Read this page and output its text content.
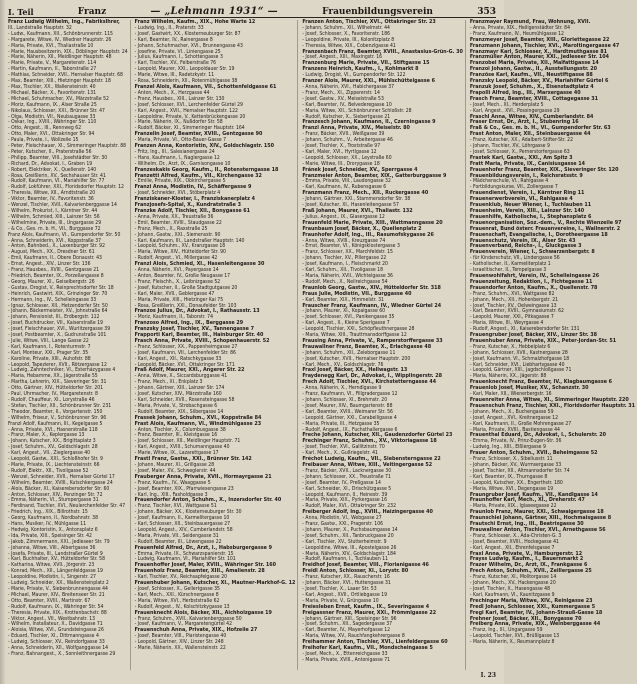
I. Teil	Franz	— „Lehmann 1931“ —	Frauenbildungsverein	353
Franz Ludwig Wilhelm, Ing., Fabrikslhrer,
III., Landstraße Hauptstr. 32
- Ludw., Kaufmann, XII., Schönbrunnerstr. 115
- Margarete, Witwe, IV., Wiedner Hauptstr. 26
- Maria, Private, XVI., Thaliastraße 10
- Marie, Hausbesitzerin, XIX., Döblinger Hauptstr. 24
- Marie, Näherin, XII., Meidlinger Hauptstr. 48
- Marie, Private, V., Margaretenstr. 114
- Martin, Kaufmann, II., Taborstraße 27
- Mathias, Schneider, XVII., Hernalser Hauptstr. 68
- Max, Beamter, XIII., Hietzinger Hauptstr. 18
- Max, Tischler, XX., Wallensteinstr. 40
- Michael, Bäcker, X., Favoritenstr. 131
- Michael, Schuhmacher, XV., Märzstraße 52
- Moriz, Kaufmann, IX., Alser Straße 25
- Nikolaus, Schlosser, XXI., Brünner Str. 47
- Olga, Modistin, VII., Neubaugasse 33
- Oskar, Ing., XVIII., Währinger Str. 110
- Otto, Angest., III., Rennweg 62
- Otto, Maler, XVI., Ottakringer Str. 94
- Paula, Private, I., Wollzeile 15
- Peter, Fleischhauer, XI., Simmeringer Hauptstr. 88
- Peter, Kutscher, II., Praterstraße 56
- Philipp, Beamter, VIII., Josefstädter Str. 30
- Richard, Dr., Advokat, I., Graben 19
- Robert, Elektriker, X., Quellenstr. 140
- Rosa, Greißlerin, XV., Sechshauser Str. 41
- Rudolf, Kaufmann, VI., Mariahilfer Str. 77
- Rudolf, Lokführer, XXI., Floridsdorfer Hauptstr. 12
- Theresia, Witwe, XII., Arndtstraße 20
- Viktor, Beamter, IV., Favoritenstr. 36
- Wenzel, Tischler, XVII., Kalvarienberggasse 14
- Wilhelm, Prokurist, I., Kärntner Str. 44
- Wilhelm, Schmied, XIII., Lainzer Str. 56
- Wilhelmine, Private, III., Ungargasse 29
- & Co., Ges. m. b. H., VII., Burggasse 72
Franz Alois, Kaufmann, VI., Gumpendorfer Str. 50
- Anna, Schneiderin, XVI., Koppstraße 37
- Anton, Bahnbed., X., Laxenburger Str. 92
- August, Mech., XX., Dresdner Str. 61
- Emil, Kaufmann, II., Obere Donaustr. 43
- Ernst, Angest., XIV., Linzer Str. 136
- Franz, Hausbes., XVIII., Gentzgasse 21
- Friedrich, Beamter, IX., Porzellangasse 8
- Georg, Maurer, XI., Geiselbergstr. 26
- Gustav, Drogist, V., Reinprechtsdorfer Str. 18
- Heinrich, Gastwirt, XIX., Grinzinger Str. 70
- Hermann, Ing., IV., Schelleingasse 33
- Ignaz, Schlosser, XII., Hetzendorfer Str. 50
- Johann, Bäckermeister, XV., Johnstraße 64
- Johann, Pensionist, III., Erdbergstr. 112
- Josef, Buchdrucker, VII., Kaiserstraße 19
- Josef, Fleischhauer, XVI., Wurlitzergasse 39
- Josef, Postbeamter, X., Gudrunstraße 101
- Julie, Witwe, VIII., Lange Gasse 22
- Karl, Kaufmann, I., Rotenturmstr. 7
- Karl, Monteur, XXI., Prager Str. 35
- Karoline, Private, XIII., Auhofstr. 88
- Leopold, Tapezierer, XVII., Rötzergasse 12
- Ludwig, Zahntechniker, VI., Esterházygasse 4
- Maria, Hebamme, XX., Jägerstraße 55
- Martha, Lehrerin, XIX., Sieveringer Str. 31
- Otto, Gärtner, XIV., Hütteldorfer Str. 201
- Paul, Uhrmacher, IV., Margaretenstr. 8
- Rudolf, Chauffeur, XI., Lorystraße 46
- Stefan, Tischler, XII., Schönbrunner Str. 231
- Theodor, Beamter, II., Vorgartenstr. 150
- Wilhelm, Friseur, V., Schönbrunner Str. 96
Franzl Adolf, Kaufmann, III., Kegelgasse 5
- Anna, Private, XVI., Hasnerstraße 118
- Franz, Maler, X., Keplergasse 13
- Johann, Kutscher, XX., Brigittaplatz 3
- Josef, Schuhm., XV., Goldschlagstr. 28
- Karl, Angest., VII., Zieglergasse 40
- Leopold, Gastw., XXI., Schloßhofer Str. 9
- Marie, Private, IX., Liechtensteinstr. 66
- Rudolf, Elektr., XII., Tivoligasse 52
- Wenzel, Schneider, XVII., Hernalser Gürtel 17
- Wilhelm, Beamter, XVIII., Kutschkergasse 24
- Alois, Bäcker, XI., Kaiserebersdorfer Str. 60
- Anton, Schlosser, XIV., Penzinger Str. 72
- Emma, Näherin, VI., Stumpergasse 31
- Ferdinand, Tischler, XVI., Neulerchenfelder Str. 47
- Friedrich, Ing., XIX., Billrothstr. 15
- Georg, Kaufmann, II., Nordbahnstr. 38
- Hans, Musiker, IV., Mühlgasse 11
- Hedwig, Kontoristin, X., Antonsplatz 6
- Ida, Private, XIII., Speisinger Str. 42
- Jakob, Zimmermann, XXI., Jedleseer Str. 79
- Johanna, Witwe, VIII., Albertgasse 36
- Josefa, Private, III., Landstraßer Gürtel 9
- Karl, Buchhalter, XV., Hütteldorfer Str. 58
- Katharina, Witwe, XVII., Jörgerstr. 23
- Konrad, Mech., XII., Längenfeldgasse 19
- Leopoldine, Modistin, I., Singerstr. 27
- Ludwig, Schneider, XX., Wallensteinplatz 2
- Marie, Private, V., Siebenbrunnengasse 44
- Michael, Maurer, XIV., Breitenseer Str. 21
- Otto, Beamter, XVIII., Martinstr. 67
- Rudolf, Kaufmann, IX., Währinger Str. 54
- Theresia, Private, XIX., Krottenbachstr. 88
- Viktor, Angest., VII., Westbahnstr. 13
- Wilhelm, Installateur, X., Davidgasse 71
- Aloisia, Witwe, XVI., Grundsteingasse 26
- Eduard, Tischler, XI., Dittmanngasse 4
- Ludwig, Schlosser, XV., Reindorfgasse 33
- Anna, Schneiderin, XII., Wolfganggasse 14
- Franz, Bahnangest., X., Sonnleithnergasse 29
Franz Wilhelm, Kaufm., XIX., Hohe Warte 12
- Ludwig, Ing., II., Praterstr. 33
- Josef, Gastwirt, XX., Klosterneuburger Str. 87
- Karl, Beamter, IV., Rainergasse 8
- Johann, Schuhmacher, XVI., Brunnengasse 43
- Josefine, Private, VI., Liniengasse 25
- Julius, Kaufmann, I., Schottengasse 3
- Karl, Tischler, XV., Felberstraße 76
- Leopold, Maurer, XXI., Leopoldauer Str. 19
- Marie, Witwe, III., Radetzkystr. 11
- Rosa, Schneiderin, XII., Rotenmühlgasse 38
Franzel Alois, Kaufmann, VII., Schottenfeldgasse 61
- Anton, Mech., X., Herzgasse 44
- Franz, Hausbes., XIII., Lainzer Str. 130
- Josef, Schlosser, XVI., Lerchenfelder Gürtel 29
- Karl, Angest., XVII., Hernalser Hauptstr. 122
- Leopoldine, Private, V., Kettenbrückengasse 20
- Marie, Näherin, IX., Nußdorfer Str. 58
- Rudolf, Bäcker, XI., Simmeringer Hauptstr. 164
Franzelin Josef, Beamter, XVIII., Gentzgasse 90
- Maria, Private, VI., Otto-Bauer-Gasse 7
Franzen Anna, Kontoristin, XIV., Goldschlagstr. 150
- Fritz, Ing., III., Salesianergasse 24
- Hans, Kaufmann, I., Naglergasse 12
- Wilhelm, Dr., Arzt, IX., Garnisongasse 10
Franzeskakis Georg, Kaufm., II., Rotensterngasse 18
Franzetti Alfred, Kaufm., VII., Kirchengasse 32
- Emilie, Private, XIX., Obkirchergasse 5
Franzi Anna, Modistin, IV., Schäffergasse 9
- Josef, Schneider, XVI., Stöberplatz 4
Franziskaner-Kloster, I., Franziskanerplatz 4
Franzjosefs-Spital, X., Kundratstraße 3
Franzke Adolf, Tischler, XII., Bonygasse 61
- Anna, Private, XX., Treustraße 36
- Emil, Beamter, XVIII., Staudgasse 22
- Franz, Mech., X., Raxstraße 25
- Johann, Gastw., XXI., Siemensstr. 90
- Karl, Kaufmann, III., Landstraßer Hauptstr. 140
- Leopold, Schuhm., XV., Kranzgasse 18
- Maria, Witwe, XIV., Hütteldorfer Str. 90
- Rudolf, Angest., VI., Millergasse 42
Franzl Alois, Schmied, XI., Hasenleitengasse 30
- Anna, Näherin, XVI., Payergasse 14
- Anton, Beamter, IV., Große Neugasse 17
- Franz, Fleischh., X., Leibnizgasse 52
- Josef, Kutscher, II., Große Stadtgutgasse 20
- Karl, Maler, XVII., Geblergasse 47
- Maria, Private, XIII., Hietzinger Kai 75
- Rosa, Greißlerin, XXI., Donaufelder Str. 103
Franzos Julius, Dr., Advokat, I., Rathausstr. 13
- Moriz, Kaufmann, II., Taborstr. 74
Franzoso Alfred, Ing., IX., Berggasse 29
Franzsky Josef, Tischler, XV., Tannengasse 7
Frapporti Karl, Beamter, III., Hainburger Str. 40
Frasch Anna, Private, XVIII., Schopenhauerstr. 52
- Franz, Schlosser, XX., Pappenheimgasse 27
- Josef, Kaufmann, VII., Lerchenfelder Str. 86
- Karl, Angest., XII., Ratschkygasse 33
- Leopold, Bäcker, XVI., Ottakringer Str. 171
Fraß Adolf, Maurer, XXI., Angerer Str. 22
- Anna, Witwe, X., Siccardsburggasse 41
- Franz, Mech., XI., Enkplatz 3
- Johann, Gärtner, XIII., Lainzer Str. 174
- Josef, Kutscher, XIV., Märzstraße 160
- Karl, Schneider, XVII., Rosensteingasse 58
- Maria, Private, V., Strobachgasse 6
- Rudolf, Beamter, XIX., Silbergasse 14
Frassek Johann, Schuhm., XVI., Koppstraße 84
Frast Alois, Kaufmann, VI., Windmühlgasse 23
- Anton, Tischler, X., Columbusgasse 38
- Franz, Beamter, III., Kleistgasse 16
- Josef, Schlosser, XII., Meidlinger Hauptstr. 71
- Karl, Angest., XVIII., Schumanngasse 40
- Marie, Witwe, IX., Lazarettgasse 17
Frastl Franz, Gastw., XXI., Brünner Str. 142
- Johann, Maurer, XI., Grillgasse 28
- Josef, Maler, XV., Schweglerstr. 44
Frauberger Anna, Private, XVII., Hormayrgasse 21
- Franz, Kaufm., IV., Waaggasse 5
- Josef, Beamter, XIX., Pfarrwiesengasse 23
- Karl, Ing., XIII., Fasholdgasse 3
Frauendorfer Anton, Schuhm., X., Inzersdorfer Str. 40
- Franz, Tischler, XVI., Wattgasse 51
- Johann, Bäcker, XX., Klosterneuburger Str. 30
- Josef, Kaufmann, II., Karmelitergasse 10
- Karl, Schlosser, XII., Steinbauergasse 27
- Leopold, Angest., XIV., Cumberlandstr. 58
- Maria, Private, VII., Seidengasse 31
- Rudolf, Beamter, III., Löwengasse 22
Frauenfeld Alfred, Dr., Arzt, I., Habsburgergasse 9
- Emma, Private, IX., Schwarzspanierstr. 15
- Ludwig, Kaufmann, VI., Mariahilfer Str. 101
Frauenhoffer Josef, Maler, XVIII., Währinger Str. 160
Frauenholz Franz, Beamter, XIII., Amalienstr. 28
- Karl, Tischler, XV., Reichsapfelgasse 20
Frauenhuber Johann, Kutscher, XI., Mautner-Markhof-G. 12
- Josef, Schlosser, X., Gellertgasse 35
- Karl, Mech., XXI., Kürschnergasse 8
- Maria, Witwe, XVI., Herbststraße 62
- Rudolf, Angest., IV., Kolschitzkygasse 13
Frauenknecht Alois, Bäcker, XII., Aichholzgasse 19
- Franz, Schuhm., XVII., Kalvarienberggasse 50
- Josef, Kaufmann, V., Margaretengürtel 42
Frauenschuh Anna, Private, XIX., Hofzeile 27
- Josef, Beamter, VIII., Piaristengasse 40
- Leopold, Gärtner, XIV., Linzer Str. 248
- Marie, Näherin, XX., Wallensteinstr. 22
Franzen Anton, Tischler, XVI., Ottakringer Str. 23
- Johann, Schuhm., XII., Wilhelmstr. 44
- Josef, Schlosser, X., Favoritenstr. 186
- Leopoldine, Private, III., Kolonitzplatz 8
- Theresia, Witwe, XIX., Cobenzlgasse 41
Franzenbach Franz, Beamter, XVIII., Anastasius-Grün-G. 30
- Josef, Angest., XIII., Maxingstr. 16
Franzenburg Marie, Private, VII., Stiftgasse 15
Franzens Heinrich, Kaufm., I., Kohlmarkt 8
- Ludwig, Drogist, VI., Gumpendorfer Str. 122
Franzer Alois, Maurer, XXI., Mühlschüttelgasse 6
- Anna, Näherin, XVI., Habichergasse 37
- Franz, Mech., XI., Zippererstr. 14
- Josef, Gastw., XV., Meiselstraße 53
- Karl, Beamter, IV., Belvederegasse 10
- Maria, Witwe, XII., Schönbrunner Schloßstr. 28
- Rudolf, Kutscher, X., Siebertgasse 21
Franzesch Johann, Kaufmann, II., Czerningasse 9
Franzl Anna, Private, XIV., Meiselstr. 80
- Franz, Bäcker, XVII., Weißgasse 39
- Johann, Schuhm., V., Arbeitergasse 46
- Josef, Tischler, X., Troststraße 97
- Karl, Maler, XVI., Hyrtlgasse 12
- Leopold, Schlosser, XX., Leystraße 60
- Marie, Witwe, III., Drorygasse 18
Fránek Josef, Schneider, XV., Sperrgasse 4
Franzmeier Anton, Beamter, XIX., Gatterburggasse 9
- Emma, Private, VIII., Laudongasse 32
- Karl, Kaufmann, IV., Rubensgasse 6
Franzmann Franz, Mech., XII., Ruckergasse 40
- Johann, Gärtner, XXI., Stammersdorfer Str. 38
- Josef, Kutscher, XI., Hasenleitengasse 57
Fraß Johann, Maurer, XVI., Thaliastr. 132
- Julius, Angest., IX., Glasergasse 12
Frauenfeld Marie, Private, XIII., Wattmanngasse 20
Fraunbaum Josef, Bäcker, X., Quellenplatz 2
Fraunhofer Adolf, Ing., III., Rasumofskygasse 26
- Anna, Witwe, XVIII., Kreuzgasse 74
- Ernst, Beamter, VI., Königsklostergasse 3
- Franz, Schlosser, XX., Marchfeldstr. 15
- Johann, Tischler, XV., Pillergasse 22
- Josef, Kaufmann, I., Fleischmarkt 20
- Karl, Schuhm., XII., Tivoligasse 18
- Maria, Näherin, XVII., Wichtelgasse 36
- Rudolf, Mech., X., Neilreichgasse 54
Fraunlob Georg, Gastw., XIV., Hütteldorfer Str. 318
Fraus Julie, Modistin, VII., Burggasse 40
- Karl, Beamter, XIX., Himmelstr. 31
Frauscher Franz, Kaufmann, IV., Wiedner Gürtel 24
- Johann, Maurer, XI., Kopalgasse 60
- Josef, Schlosser, XVI., Panikengasse 35
- Karl, Angest., II., Kleine Sperlgasse 7
- Leopold, Tischler, XXI., Schöpfleuthnergasse 28
- Maria, Witwe, XIII., Trauttmansdorffgasse 12
Frausing Anna, Private, V., Ramperstorffergasse 33
Frauwallner Franz, Beamter, X., Erlachgasse 48
- Johann, Schuhm., XII., Zeleborgasse 11
- Josef, Kutscher, XVII., Hernalser Hauptstr. 200
- Karl, Mech., XV., Goldschlagstr. 76
Fraxl Josef, Bäcker, XX., Hellwagstr. 13
Fraydenegg Karl, Dr., Advokat, I., Wipplingerstr. 28
Frech Adolf, Tischler, XVI., Kirchstetterngasse 44
- Anna, Näherin, X., Herndlgasse 9
- Franz, Kaufmann, VI., Fillgradergasse 12
- Johann, Schlosser, XI., Brehmstr. 20
- Josef, Maurer, XIV., Baumgartenstr. 88
- Karl, Beamter, XVIII., Weimarer Str. 56
- Leopold, Gärtner, XXI., Carabelligasse 4
- Maria, Private, III., Hetzgasse 35
- Rudolf, Angest., IX., Fuchsthallergasse 6
Freche Johann, Kutscher, XII., Gaudenzdorfer Gürtel 23
Frechinger Franz, Schuhm., XV., Viktoriagasse 18
- Josef, Tischler, XVI., Gallitzinstr. 70
- Karl, Mech., X., Gußriegelstr. 41
Fréchot Ludwig, Kaufm., VII., Siebensterngasse 22
Freibauer Anna, Witwe, XIII., Veitingergasse 52
- Franz, Bäcker, XVII., Lacknergasse 30
- Johann, Schlosser, XX., Treustraße 71
- Josef, Beamter, IV., Preßgasse 14
- Karl, Schneider, XI., Drischützgasse 5
- Leopold, Kaufmann, II., Heinestr. 39
- Maria, Private, XIX., Pyrkergasse 16
- Rudolf, Maler, XVI., Ottakringer Str. 232
Freiberger Adolf, Ing., XVIII., Haizingergasse 40
- Anna, Modistin, VI., Webgasse 27
- Franz, Gastw., XXI., Pragerstr. 106
- Johann, Maurer, X., Puchsbaumgasse 14
- Josef, Schuhm., XII., Tanbruckgasse 20
- Karl, Tischler, XV., Stutterheimstr. 9
- Leopoldine, Witwe, III., Apostelgasse 26
- Maria, Näherin, XIV., Goldschlagstr. 184
- Rudolf, Kaufmann, I., Tuchlauben 11
Freidhof Josef, Beamter, VIII., Florianigasse 46
Freidl Anton, Schlosser, XI., Lorystr. 80
- Franz, Kutscher, XX., Rauscherstr. 16
- Johann, Bäcker, XVI., Huttengasse 31
- Josef, Tischler, X., Laaer Str. 53
- Karl, Angest., XVII., Ortliebgasse 19
- Maria, Private, V., Grüngasse 10
Freiesleben Ernst, Kaufm., IX., Severingasse 4
Freigassner Franz, Maurer, XXI., Frömmlgasse 22
- Johann, Gärtner, XIII., Speisinger Str. 96
- Josef, Schuhm., XII., Sagedergasse 37
- Karl, Beamter, IV., Mayerhofgasse 12
- Maria, Witwe, XV., Rauchfangkehrergasse 8
Freihammer Anton, Tischler, XVI., Lienfeldergasse 60
Freihofer Karl, Kaufm., VII., Mondscheingasse 5
- Josef, Mech., X., Ettenreichgasse 33
- Maria, Private, XVIII., Antonigasse 71
Franzmayer Raymund, Frau, Wohnung, XVII.
- Anna, Private, XIX., Heiligenstädter Str. 84
- Franz, Kaufmann, IV., Heumühlgasse 12
Franzmeyer Josef, Beamter, XIII., Gloriettegasse 22
Franzmann Johann, Tischler, XVI., Maroltingergasse 47
Franzmayr Karl, Schlosser, X., Hardtmuthgasse 81
Franzmüller Anton, Maurer, XXI., Jedleseer Str. 104
Franzobel Maria, Private, XII., Malfattigasse 14
Franzoi Johann, Gastw., II., Ausstellungsstr. 20
Französe Karl, Kaufm., VII., Neustiftgasse 88
Franzsky Leopold, Bäcker, XV., Mariahilfer Gürtel 6
Franzuk Josef, Schuhm., X., Eisenstadtplatz 4
Frapolli Alfred, Ing., III., Marxergasse 40
Frasch Franz, Beamter, XVIII., Cottagegasse 31
- Josef, Mech., XI., Herderplatz 5
- Karl, Angest., XVI., Possingergasse 29
Fraschl Anna, Witwe, XIV., Cumberlandstr. 84
Fraser Ernst, Dr., Arzt, I., Stubenring 16
Fraß & Co., Ges. m. b. H., VI., Gumpendorfer Str. 63
Frast Anton, Maler, XII., Steinbauergasse 44
- Franz, Kutscher, XX., Adalbert-Stifter-Str. 22
- Johann, Tischler, XV., Löhrgasse 9
- Josef, Schlosser, X., Pernerstorfergasse 63
Frastek Karl, Gastw., XXI., Am Spitz 3
Fratt Maria, Private, IX., Canisiusgasse 14
Frauenhofer Franz, Beamter, XIX., Sieveringer Str. 120
Frauenbildungsverein, I., Reichsratsstr. 9
- Mädchenschule, VI., Rahlgasse 4
- Fortbildungskurse, VII., Zollergasse 7
Frauendienst, Verein, I., Kärntner Ring 11
Frauenerwerbverein, VI., Rahlgasse 4
Frauenklub, Neuer Wiener, I., Tuchlauben 11
Frauenheim, Verein, XIII., Lainzer Str. 140
Frauenhilfe, Katholische, I., Stephansplatz 6
Frauenorganisation, Soz.-dem., V., Rechte Wienzeile 97
Frauenrat, Bund österr. Frauenvereine, I., Wallnerstr. 2
Frauenschaft, Evangelische, I., Dorotheergasse 18
Frauenschutz, Verein, IX., Alser Str. 43
Frauenverband, Reichs-, I., Gluckgasse 3
Frauenverein, Wiener, I., Schwarzenbergstr. 8
- für Kinderschutz, VII., Lindengasse 56
- Katholischer, II., Karmeliterplatz 1
- Israelitischer, II., Tempelgasse 3
Frauenwohlfahrt, Verein, IV., Schelleingasse 26
Frauenzeitung, Redaktion, I., Fichtegasse 11
Frauendorfer Anton, Kaufm., X., Quellenstr. 78
- Franz, Schuhm., XVI., Wattgasse 82
- Johann, Mech., XII., Hohenbergstr. 21
- Josef, Tischler, XV., Oelweingasse 13
- Karl, Beamter, XVIII., Gymnasiumstr. 62
- Leopold, Maurer, XXI., Pitkagasse 7
- Maria, Witwe, III., Weyrgasse 4
- Rudolf, Angest., XI., Kaiserebersdorfer Str. 131
Frauengruber Josef, Bäcker, XIV., Linzer Str. 38
Frauenhuber Anna, Private, XIX., Peter-Jordan-Str. 51
- Franz, Kutscher, X., Hebbelplatz 6
- Johann, Schlosser, XVII., Kastnergasse 28
- Josef, Kaufmann, VI., Schmalzhofgasse 18
- Karl, Schneider, XVI., Liebhartsgasse 40
- Leopold, Gärtner, XIII., Jagdschloßgasse 71
- Maria, Näherin, XX., Jägerstr. 88
Frauenknecht Franz, Beamter, IV., Klagbaumgasse 6
Frauenlob Josef, Musiker, XV., Schanzstr. 30
- Karl, Maler, XII., Wienerbergstr. 16
Frauenreiter Anna, Witwe, XI., Simmeringer Hauptstr. 220
Frauenschuh Franz, Tischler, XXI., Floridsdorfer Hauptstr. 31
- Johann, Mech., X., Buchengasse 59
- Josef, Angest., XVI., Kreitnergasse 12
- Karl, Kaufmann, II., Große Mohrengasse 27
- Maria, Private, XVIII., Bastiengasse 44
Frauenthal Eduard, Dr., Advokat, I., Schulerstr. 20
- Emma, Private, IV., Prinz-Eugen-Str. 36
- Ludwig, Ing., XIII., Elßlergasse 9
Frauer Anton, Schuhm., XVII., Beheimgasse 52
- Franz, Schlosser, X., Sibeliusstr. 11
- Johann, Bäcker, XV., Wurmsergasse 33
- Josef, Tischler, XII., Altmannsdorfer Str. 74
- Karl, Beamter, IX., Thurngasse 8
- Leopold, Kutscher, XX., Engerthstr. 180
- Maria, Witwe, XVI., Degengasse 19
Fraungruber Josef, Kaufm., VII., Kandlgasse 14
Fraunhoffer Karl, Mech., XI., Dreherstr. 47
- Maria, Private, XIX., Iglaseegasse 22
Fraunlob Franz, Maurer, XXI., Schwaigergasse 18
Fraunschiel Johann, Gärtner, XIII., Hochmaisgasse 8
Frautschi Ernst, Ing., III., Beatrixgasse 30
Frauwallner Anton, Tischler, XVI., Arnethgasse 56
- Franz, Schlosser, X., Ada-Christen-G. 3
- Josef, Beamter, XVIII., Hockegasse 41
- Karl, Angest., XII., Ehrenfelsgasse 7
Fraxl Anna, Private, V., Hamburgerstr. 12
Frayss Ludwig, Kaufm., I., Bauernmarkt 2
Frazer Wilhelm, Dr., Arzt, IX., Frankgasse 6
Frech Anton, Schuhm., XVII., Zeillergasse 25
- Franz, Kutscher, XI., Molitorgasse 14
- Johann, Mech., XV., Hackengasse 20
- Josef, Tischler, X., Hasengasse 48
- Karl, Kaufmann, VI., Kaunitzgasse 9
Frechinger Maria, Witwe, XIV., Reinlgasse 23
Fredl Johann, Schlosser, XXI., Kummergasse 5
Fregl Karl, Beamter, IV., Johann-Strauß-Gasse 18
Frehner Josef, Bäcker, XII., Bonygasse 70
Freiberg Anna, Private, XIX., Weinberggasse 44
- Franz, Ing., III., Ungargasse 59
- Leopold, Tischler, XVI., Brüßlgasse 13
- Maria, Näherin, X., Reumannplatz 8
I. 23
